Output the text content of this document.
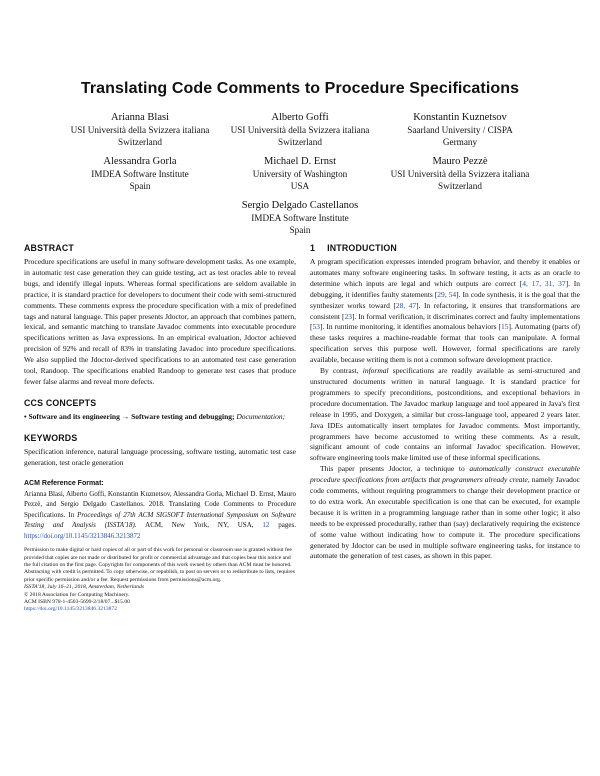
Translating Code Comments to Procedure Specifications
Arianna Blasi
USI Università della Svizzera italiana
Switzerland
Alberto Goffi
USI Università della Svizzera italiana
Switzerland
Konstantin Kuznetsov
Saarland University / CISPA
Germany
Alessandra Gorla
IMDEA Software Institute
Spain
Michael D. Ernst
University of Washington
USA
Mauro Pezzè
USI Università della Svizzera italiana
Switzerland
Sergio Delgado Castellanos
IMDEA Software Institute
Spain
ABSTRACT

Procedure specifications are useful in many software development tasks. As one example, in automatic test case generation they can guide testing, act as test oracles able to reveal bugs, and identify illegal inputs. Whereas formal specifications are seldom available in practice, it is standard practice for developers to document their code with semi-structured comments. These comments express the procedure specification with a mix of predefined tags and natural language. This paper presents Jdoctor, an approach that combines pattern, lexical, and semantic matching to translate Javadoc comments into executable procedure specifications written as Java expressions. In an empirical evaluation, Jdoctor achieved precision of 92% and recall of 83% in translating Javadoc into procedure specifications. We also supplied the Jdoctor-derived specifications to an automated test case generation tool, Randoop. The specifications enabled Randoop to generate test cases that produce fewer false alarms and reveal more defects.

CCS CONCEPTS

• Software and its engineering → Software testing and debugging; Documentation;

KEYWORDS

Specification inference, natural language processing, software testing, automatic test case generation, test oracle generation

ACM Reference Format:

Arianna Blasi, Alberto Goffi, Konstantin Kuznetsov, Alessandra Gorla, Michael D. Ernst, Mauro Pezzè, and Sergio Delgado Castellanos. 2018. Translating Code Comments to Procedure Specifications. In Proceedings of 27th ACM SIGSOFT International Symposium on Software Testing and Analysis (ISSTA'18). ACM, New York, NY, USA, 12 pages. https://doi.org/10.1145/3213846.3213872

Permission to make digital or hard copies of all or part of this work for personal or classroom use is granted without fee provided that copies are not made or distributed for profit or commercial advantage and that copies bear this notice and the full citation on the first page. Copyrights for components of this work owned by others than ACM must be honored. Abstracting with credit is permitted. To copy otherwise, or republish, to post on servers or to redistribute to lists, requires prior specific permission and/or a fee. Request permissions from permissions@acm.org.

ISSTA'18, July 16–21, 2018, Amsterdam, Netherlands

© 2018 Association for Computing Machinery.

ACM ISBN 978-1-4503-5699-2/18/07...$15.00

https://doi.org/10.1145/3213846.3213872

1 INTRODUCTION

A program specification expresses intended program behavior, and thereby it enables or automates many software engineering tasks. In software testing, it acts as an oracle to determine which inputs are legal and which outputs are correct [4, 17, 31, 37]. In debugging, it identifies faulty statements [29, 54]. In code synthesis, it is the goal that the synthesizer works toward [28, 47]. In refactoring, it ensures that transformations are consistent [23]. In formal verification, it discriminates correct and faulty implementations [53]. In runtime monitoring, it identifies anomalous behaviors [15]. Automating (parts of) these tasks requires a machine-readable format that tools can manipulate. A formal specification serves this purpose well. However, formal specifications are rarely available, because writing them is not a common software development practice.

By contrast, informal specifications are readily available as semi-structured and unstructured documents written in natural language. It is standard practice for programmers to specify preconditions, postconditions, and exceptional behaviors in procedure documentation. The Javadoc markup language and tool appeared in Java's first release in 1995, and Doxygen, a similar but cross-language tool, appeared 2 years later. Java IDEs automatically insert templates for Javadoc comments. Most importantly, programmers have become accustomed to writing these comments. As a result, significant amount of code contains an informal Javadoc specification. However, software engineering tools make limited use of these informal specifications.

This paper presents Jdoctor, a technique to automatically construct executable procedure specifications from artifacts that programmers already create, namely Javadoc code comments, without requiring programmers to change their development practice or to do extra work. An executable specification is one that can be executed, for example because it is written in a programming language rather than in some other logic; it also needs to be expressed procedurally, rather than (say) declaratively requiring the existence of some value without indicating how to compute it. The procedure specifications generated by Jdoctor can be used in multiple software engineering tasks, for instance to automate the generation of test cases, as shown in this paper.
